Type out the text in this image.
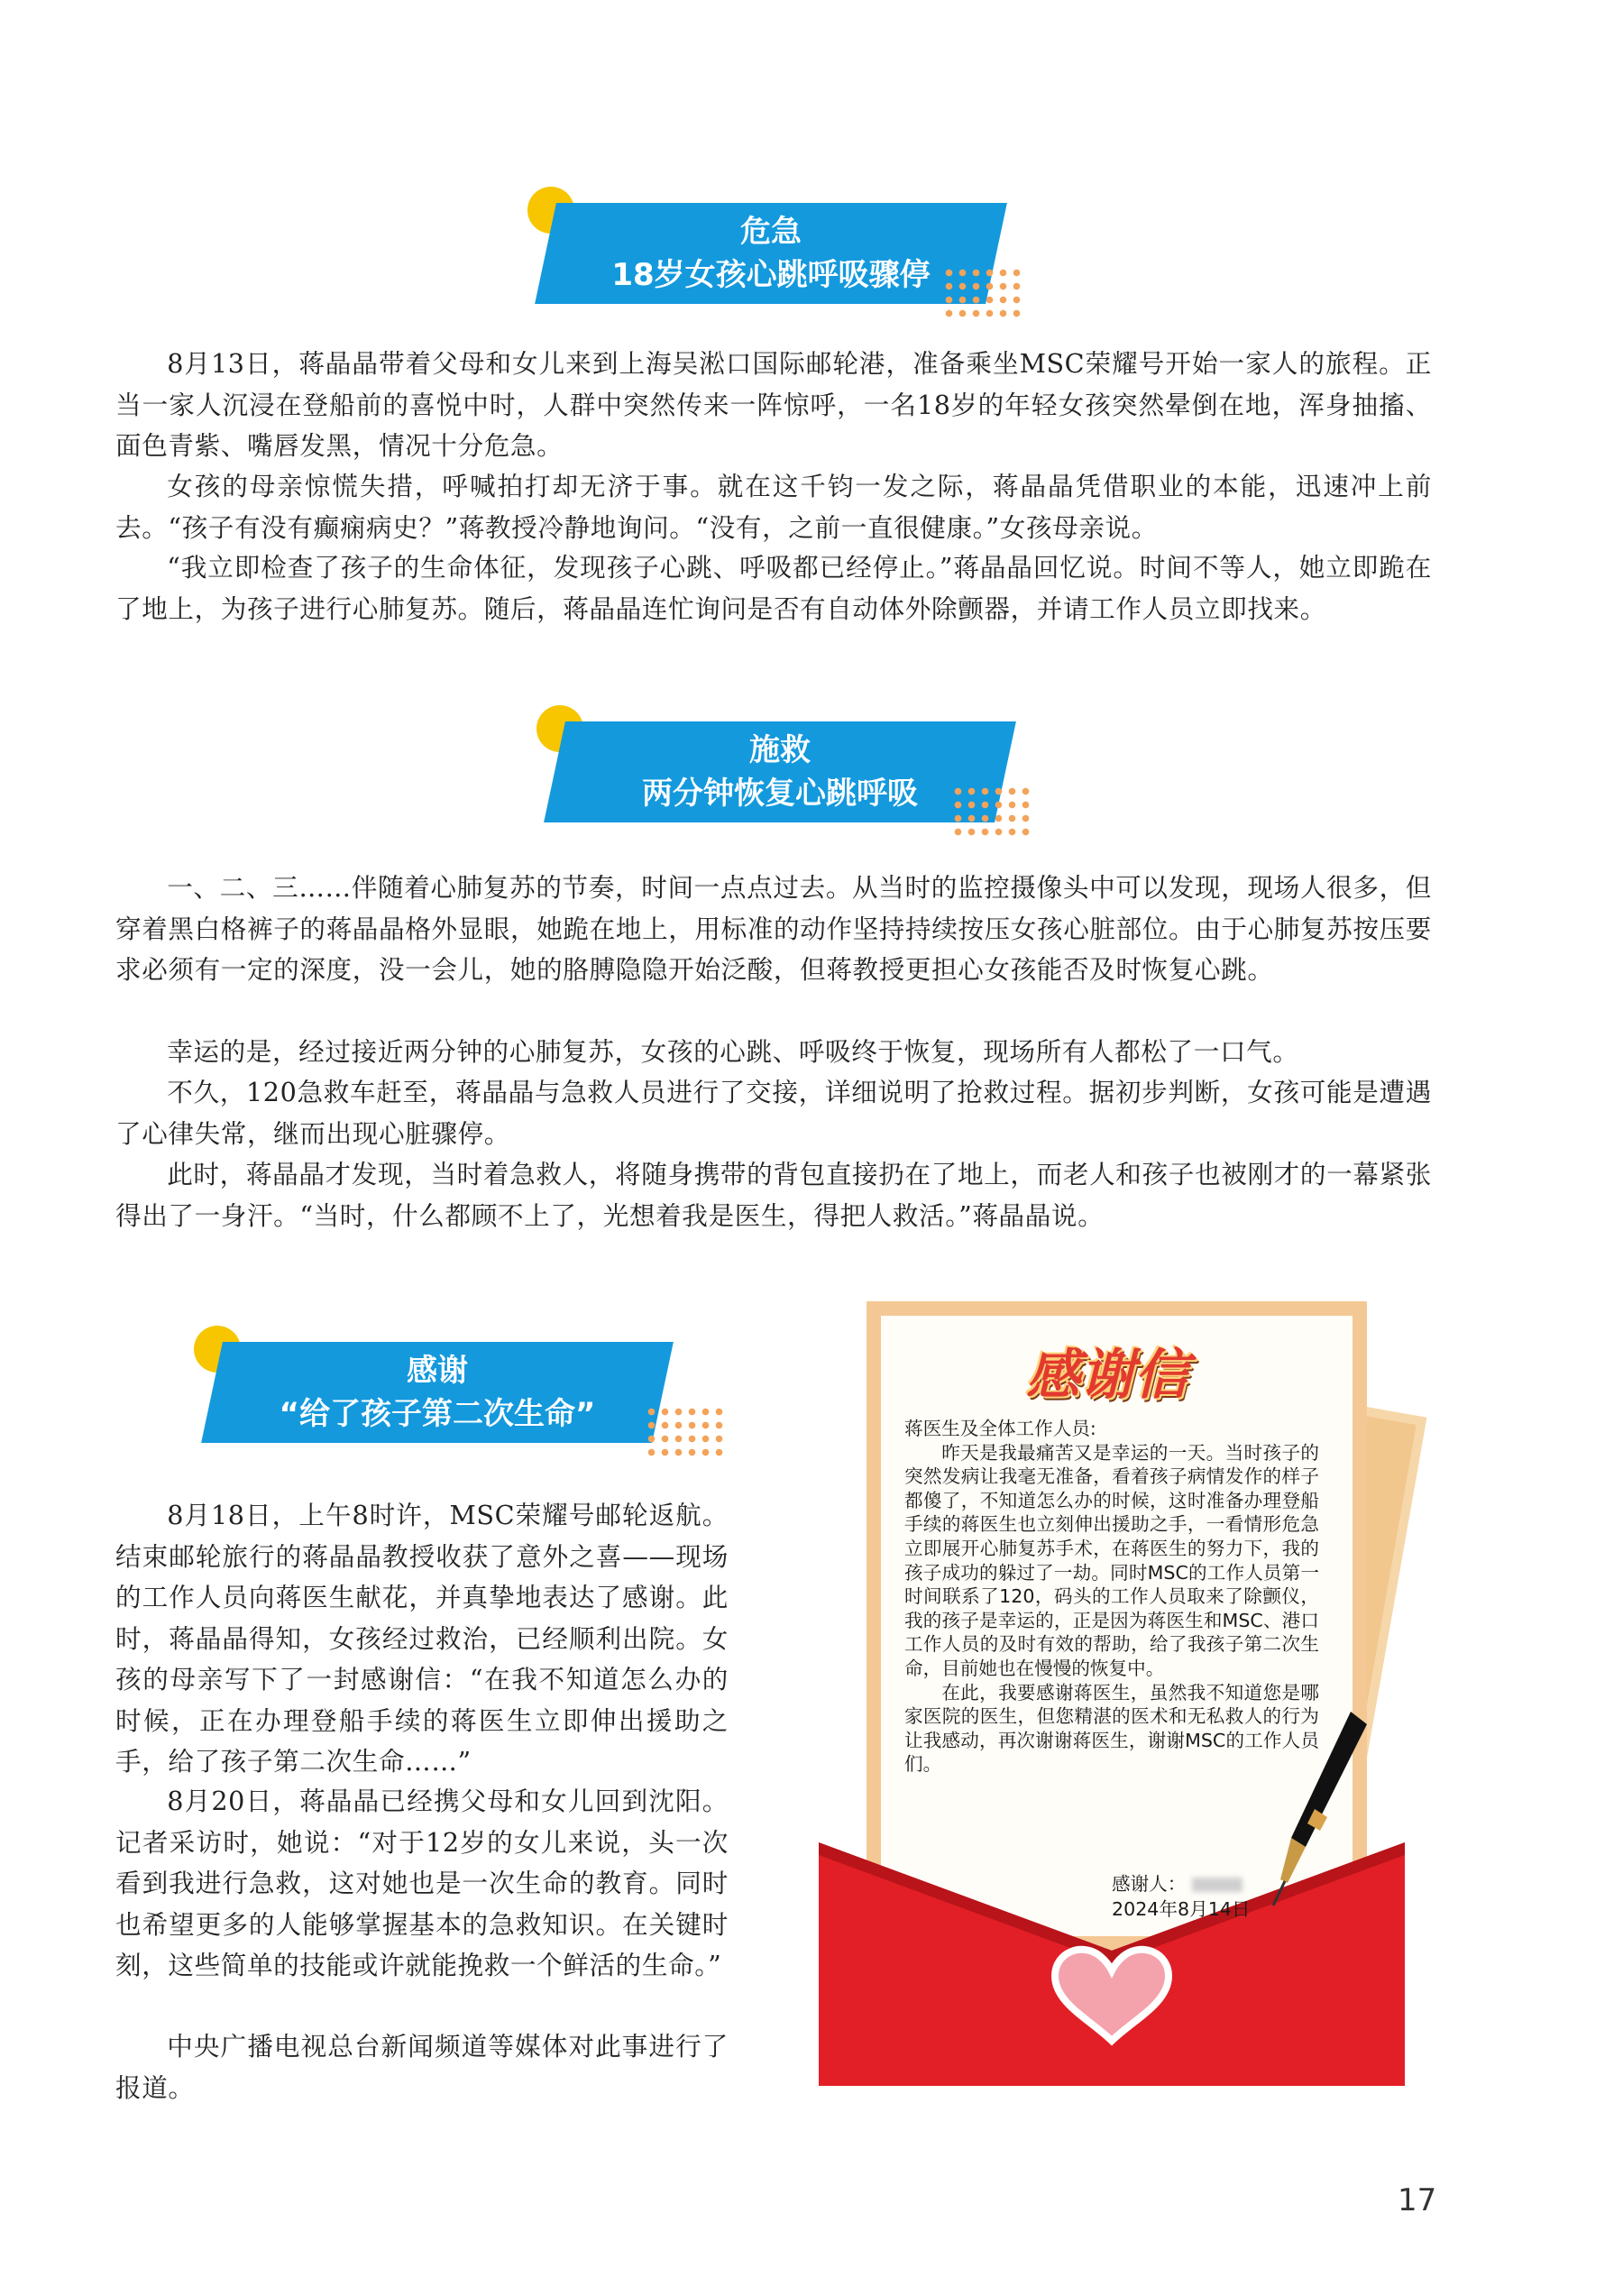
危急
18岁女孩心跳呼吸骤停

8月13日，蒋晶晶带着父母和女儿来到上海吴淞口国际邮轮港，准备乘坐MSC荣耀号开始一家人的旅程。正当一家人沉浸在登船前的喜悦中时，人群中突然传来一阵惊呼，一名18岁的年轻女孩突然晕倒在地，浑身抽搐、面色青紫、嘴唇发黑，情况十分危急。

女孩的母亲惊慌失措，呼喊拍打却无济于事。就在这千钧一发之际，蒋晶晶凭借职业的本能，迅速冲上前去。“孩子有没有癫痫病史？”蒋教授冷静地询问。“没有，之前一直很健康。”女孩母亲说。

“我立即检查了孩子的生命体征，发现孩子心跳、呼吸都已经停止。”蒋晶晶回忆说。时间不等人，她立即跪在了地上，为孩子进行心肺复苏。随后，蒋晶晶连忙询问是否有自动体外除颤器，并请工作人员立即找来。

施救
两分钟恢复心跳呼吸

一、二、三……伴随着心肺复苏的节奏，时间一点点过去。从当时的监控摄像头中可以发现，现场人很多，但穿着黑白格裤子的蒋晶晶格外显眼，她跪在地上，用标准的动作坚持持续按压女孩心脏部位。由于心肺复苏按压要求必须有一定的深度，没一会儿，她的胳膊隐隐开始泛酸，但蒋教授更担心女孩能否及时恢复心跳。

幸运的是，经过接近两分钟的心肺复苏，女孩的心跳、呼吸终于恢复，现场所有人都松了一口气。

不久，120急救车赶至，蒋晶晶与急救人员进行了交接，详细说明了抢救过程。据初步判断，女孩可能是遭遇了心律失常，继而出现心脏骤停。

此时，蒋晶晶才发现，当时着急救人，将随身携带的背包直接扔在了地上，而老人和孩子也被刚才的一幕紧张得出了一身汗。“当时，什么都顾不上了，光想着我是医生，得把人救活。”蒋晶晶说。

感谢
“给了孩子第二次生命”

8月18日，上午8时许，MSC荣耀号邮轮返航。结束邮轮旅行的蒋晶晶教授收获了意外之喜——现场的工作人员向蒋医生献花，并真挚地表达了感谢。此时，蒋晶晶得知，女孩经过救治，已经顺利出院。女孩的母亲写下了一封感谢信：“在我不知道怎么办的时候，正在办理登船手续的蒋医生立即伸出援助之手，给了孩子第二次生命……”

8月20日，蒋晶晶已经携父母和女儿回到沈阳。记者采访时，她说：“对于12岁的女儿来说，头一次看到我进行急救，这对她也是一次生命的教育。同时也希望更多的人能够掌握基本的急救知识。在关键时刻，这些简单的技能或许就能挽救一个鲜活的生命。”

中央广播电视总台新闻频道等媒体对此事进行了报道。

感谢信

蒋医生及全体工作人员:

昨天是我最痛苦又是幸运的一天。当时孩子的突然发病让我毫无准备，看着孩子病情发作的样子都傻了，不知道怎么办的时候，这时准备办理登船手续的蒋医生也立刻伸出援助之手，一看情形危急立即展开心肺复苏手术，在蒋医生的努力下，我的孩子成功的躲过了一劫。同时MSC的工作人员第一时间联系了120，码头的工作人员取来了除颤仪，我的孩子是幸运的，正是因为蒋医生和MSC、港口工作人员的及时有效的帮助，给了我孩子第二次生命，目前她也在慢慢的恢复中。

在此，我要感谢蒋医生，虽然我不知道您是哪家医院的医生，但您精湛的医术和无私救人的行为让我感动，再次谢谢蒋医生，谢谢MSC的工作人员们。

感谢人：
2024年8月14日
17
